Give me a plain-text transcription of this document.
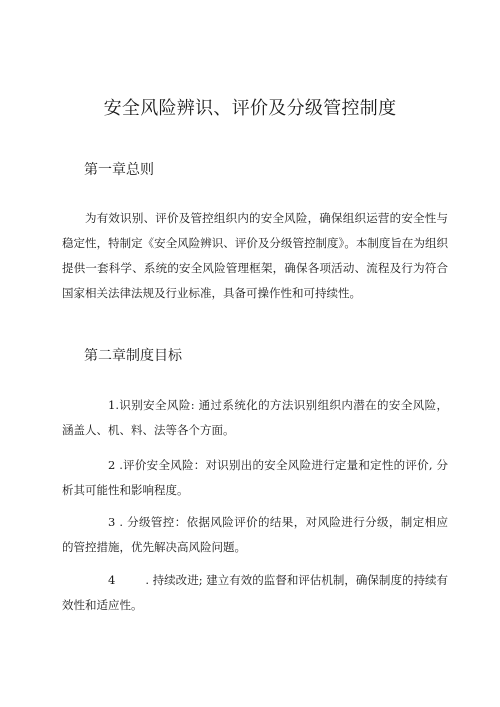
安全风险辨识、评价及分级管控制度
第一章总则

为有效识别、评价及管控组织内的安全风险，确保组织运营的安全性与稳定性，特制定《安全风险辨识、评价及分级管控制度》。本制度旨在为组织提供一套科学、系统的安全风险管理框架，确保各项活动、流程及行为符合国家相关法律法规及行业标准，具备可操作性和可持续性。

第二章制度目标

1.识别安全风险: 通过系统化的方法识别组织内潜在的安全风险，涵盖人、机、料、法等各个方面。

2 .评价安全风险：对识别出的安全风险进行定量和定性的评价, 分析其可能性和影响程度。

3 . 分级管控：依据风险评价的结果，对风险进行分级，制定相应的管控措施，优先解决高风险问题。

4	. 持续改进; 建立有效的监督和评估机制，确保制度的持续有效性和适应性。
